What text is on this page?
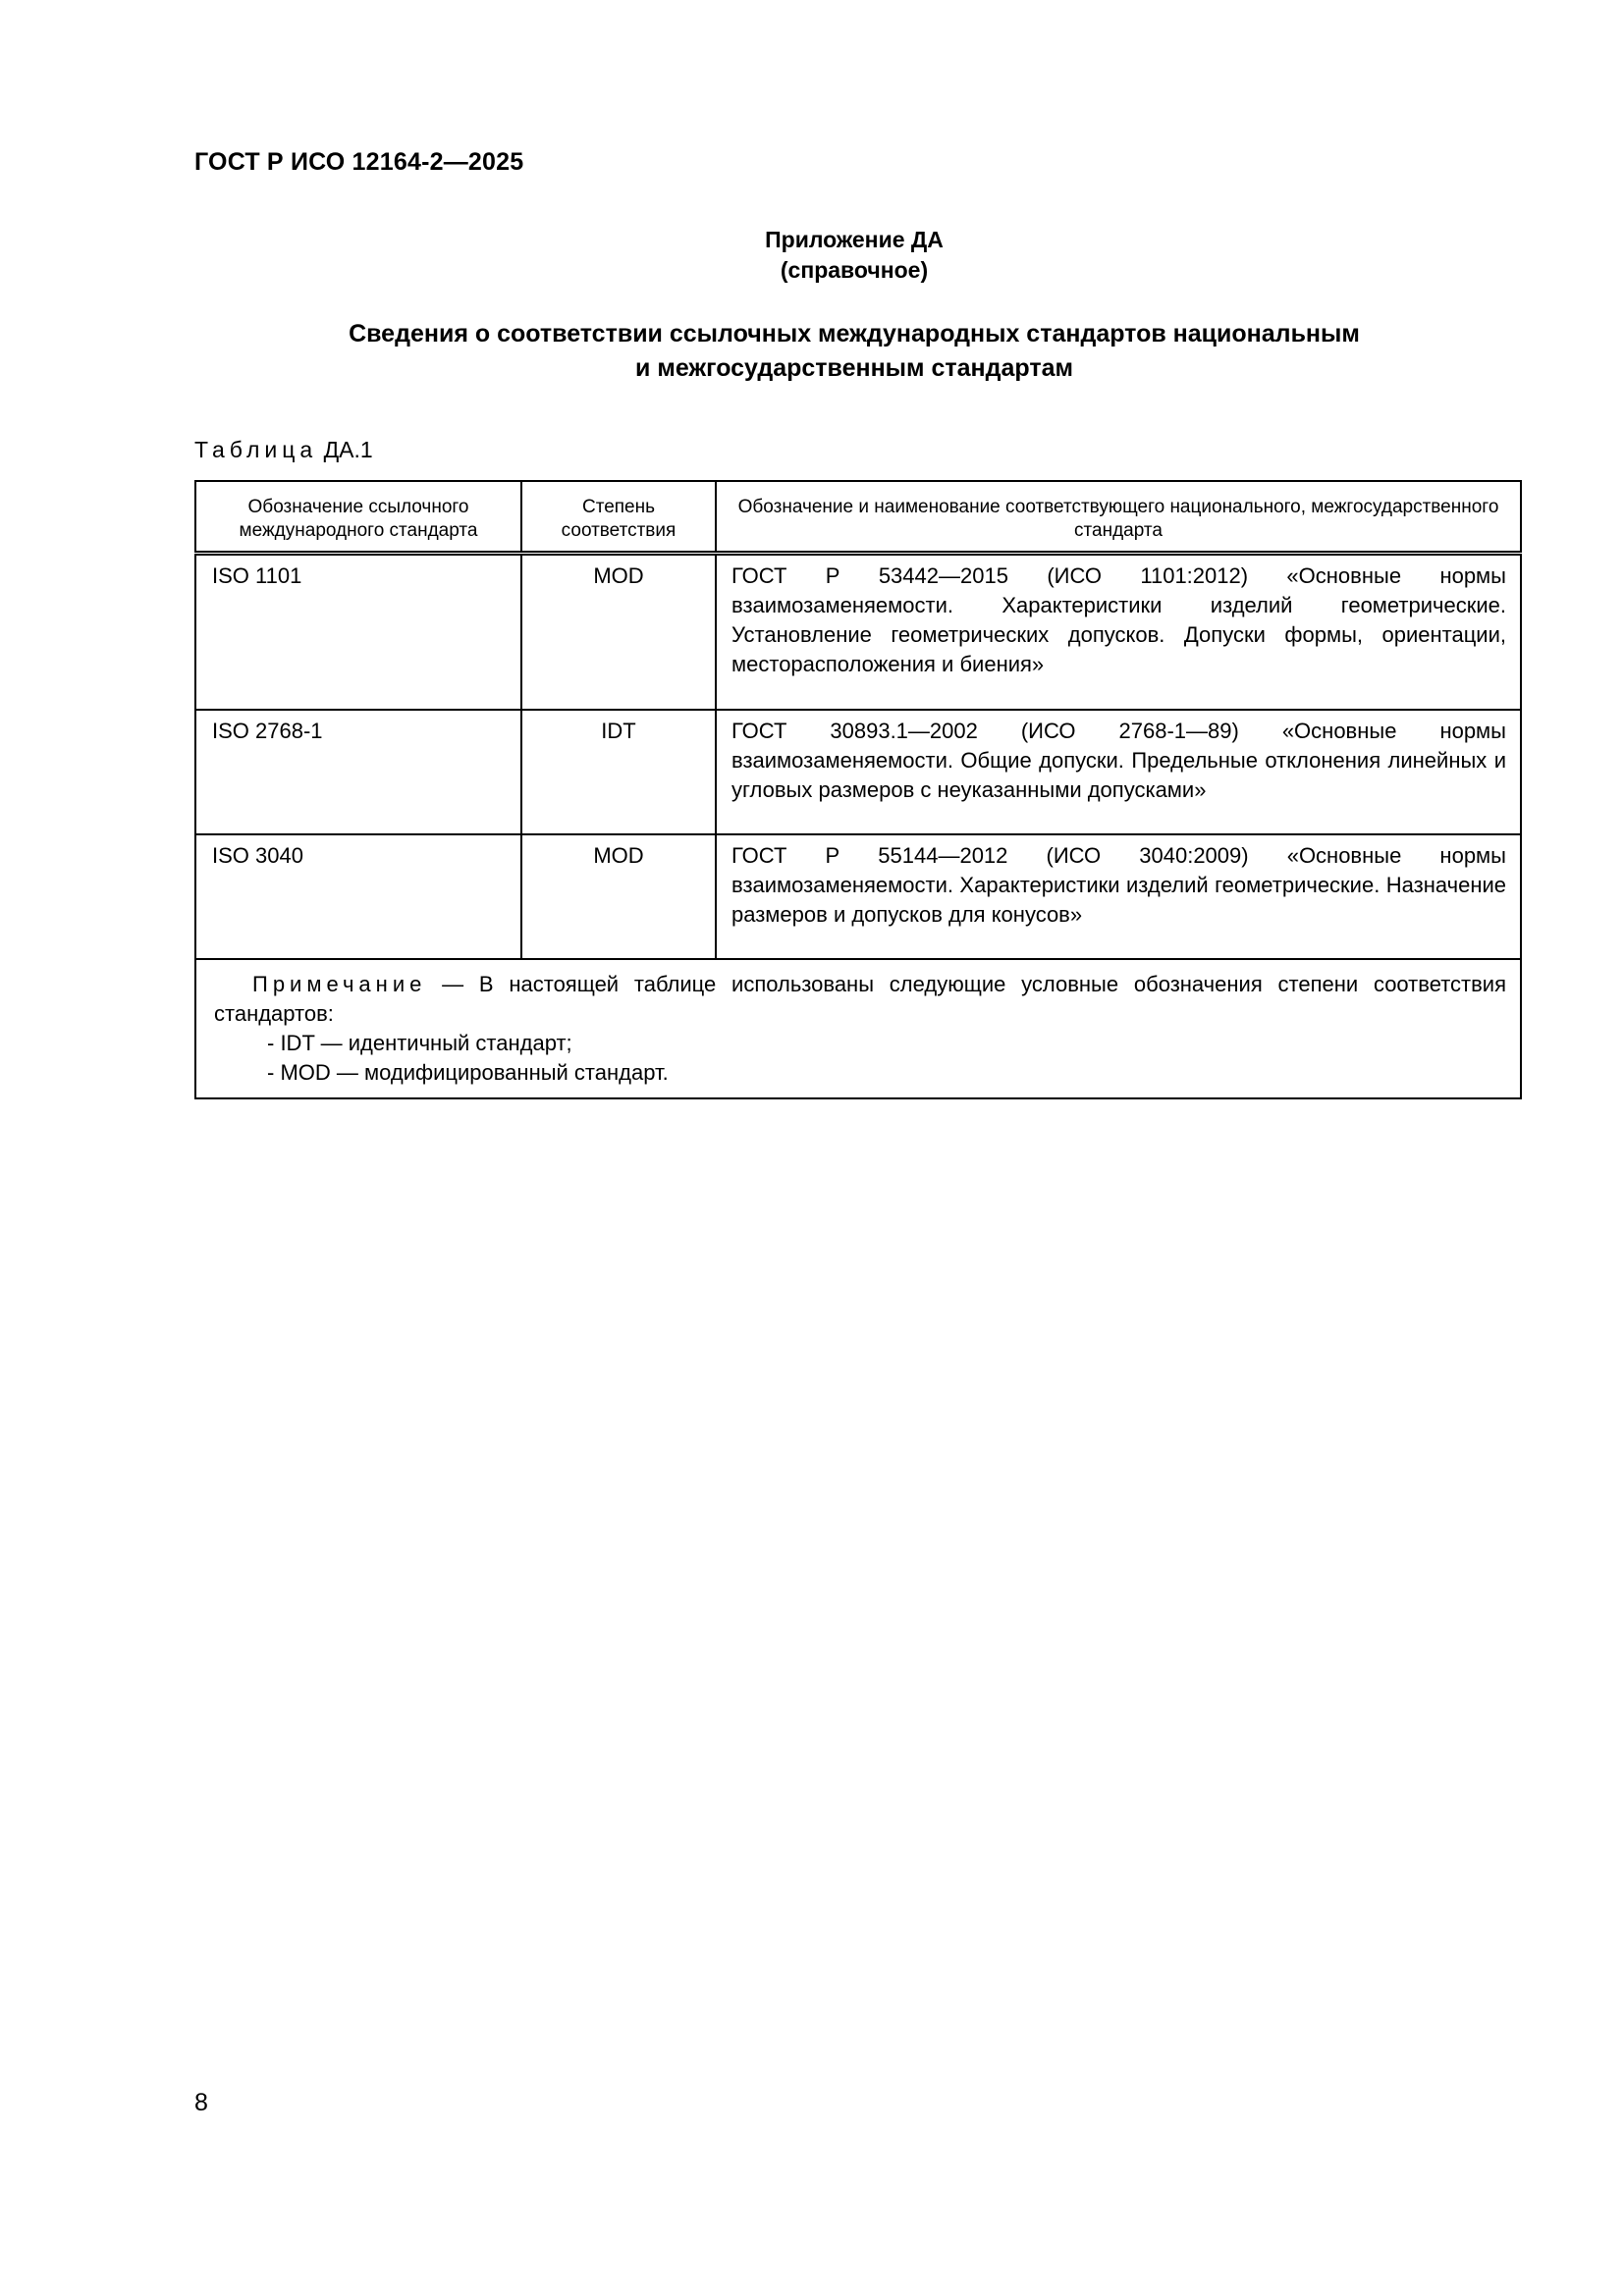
ГОСТ Р ИСО 12164-2—2025
Приложение ДА
(справочное)
Сведения о соответствии ссылочных международных стандартов национальным
и межгосударственным стандартам
Таблица ДА.1
Обозначение ссылочного международного стандарта	Степень соответствия	Обозначение и наименование соответствующего национального, межгосударственного стандарта
ISO 1101	MOD	ГОСТ Р 53442—2015 (ИСО 1101:2012) «Основные нормы взаимозаменяемости. Характеристики изделий геометрические. Установление геометрических допусков. Допуски формы, ориентации, месторасположения и биения»
ISO 2768-1	IDT	ГОСТ 30893.1—2002 (ИСО 2768-1—89) «Основные нормы взаимозаменяемости. Общие допуски. Предельные отклонения линейных и угловых размеров с неуказанными допусками»
ISO 3040	MOD	ГОСТ Р 55144—2012 (ИСО 3040:2009) «Основные нормы взаимозаменяемости. Характеристики изделий геометрические. Назначение размеров и допусков для конусов»

Примечание — В настоящей таблице использованы следующие условные обозначения степени соответствия стандартов:
- IDT — идентичный стандарт;
- MOD — модифицированный стандарт.		
8
